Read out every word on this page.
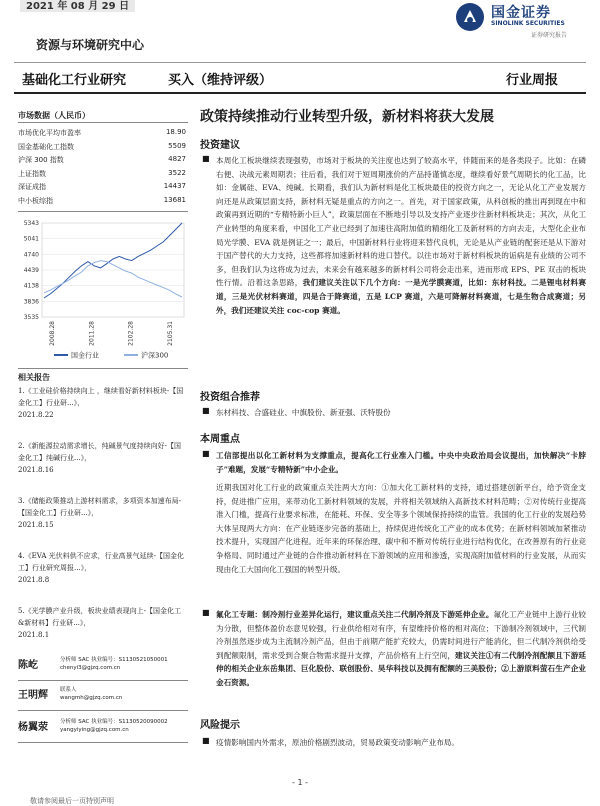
2021 年 08 月 29 日
资源与环境研究中心
国金证券
SINOLINK SECURITIES
证券研究报告
基础化工行业研究	买入（维持评级）	行业周报
政策持续推动行业转型升级，新材料将获大发展
市场数据（人民币）
市场优化平均市盈率	18.90
国金基础化工指数	5509
沪深 300 指数	4827
上证指数	3522
深证成指	14437
中小板综指	13681
3535
3836
4138
4439
4740
5041
5343
2008.28	2011.28	2102.28	2105.31
国金行业	沪深300
相关报告
1.《工业硅价格持续向上 ，继续看好新材料板块-【国金化工】行业研...》，
2021.8.22
2.《新能源拉动需求增长，纯碱景气度持续向好-【国金化工】纯碱行业...》，
2021.8.16
3.《储能政策推动上游材料需求，多项资本加速布局-【国金化工】行业研...》，
2021.8.15
4.《EVA 光伏料供不应求，行业高景气延续-【国金化工】行业研究周报...》，
2021.8.8
5.《光学膜产业升级，板块业绩表现向上-【国金化工&新材料】行业研...》，
2021.8.1
陈屹	分析师 SAC 执业编号：S1130521050001
chenyi3@gjzq.com.cn
王明辉 联系人
wangmh@gjzq.com.cn
杨翼荥 分析师 SAC 执业编号：S1130520090002
yangyiying@gjzq.com.cn
投资建议
■ 本周化工板块继续表现强势，市场对于板块的关注度也达到了较高水平，伴随而来的是各类段子。比如：在磷右便、决战元素周期表；往后看，我们对于短周期涨价的产品持谨慎态度，继续看好景气周期长的化工品，比如：金属硅、EVA、纯碱。长期看，我们认为新材料是化工板块最佳的投资方向之一，无论从化工产业发展方向还是从政策层面支持，新材料无疑是重点的方向之一。首先，对于国家政策，从科创板的推出再到现在中和政策再到近期的“专精特新小巨人”，政策层面在不断地引导以及支持产业逐步往新材料板块走；其次，从化工产业转型的角度来看，中国化工产业已经到了加速往高附加值的精细化工及新材料的方向去走，大型化企业布局光学膜、EVA 就是例证之一；最后，中国新材料行业将迎来替代良机，无论是从产业链的配套还是从下游对于国产替代的大力支持，这些都将加速新材料的进口替代。以往市场对于新材料板块的诟病是有业绩的公司不多，但我们认为这将成为过去，未来会有越来越多的新材料公司将会走出来，进而形成 EPS、PE 双击的板块性行情。沿着这条思路，我们建议关注以下几个方向：一是光学膜赛道，比如：东材科技。二是锂电材料赛道，三是光伏材料赛道，四是合于降赛道，五是 LCP 赛道，六是可降解材料赛道，七是生物合成赛道；另外，我们还建议关注 coc-cop 赛道。
投资组合推荐
■ 东材科技、合盛硅业、中旗股份、新亚强、沃特股份
本周重点
■ 工信部提出以化工新材料为支撑重点，提高化工行业准入门槛。中央中央政治局会议提出，加快解决“卡脖子”难题，发展“专精特新”中小企业。
近期我国对化工行业的政策重点关注两大方向：①加大化工新材料的支持，通过搭建创新平台，给予资金支持，促进推广应用，来带动化工新材料领域的发展，并将相关领域纳入高新技术材料范畴；②对传统行业提高准入门槛，提高行业要求标准，在能耗、环保、安全等多个领域保持持续的监管。我国的化工行业的发展趋势大体呈现两大方向：在产业链逐步完备的基础上，持续促进传统化工产业的成本优势；在新材料领域加紧推动技术提升，实现国产化进程。近年来的环保治理、碳中和不断对传统行业进行结构优化，在改善原有的行业竞争格局、同时通过产业链的合作推动新材料在下游领域的应用和渗透，实现高附加值材料的行业发展，从而实现由化工大国向化工强国的转型升级。
■ 氟化工专题：制冷剂行业差异化运行，建议重点关注二代制冷剂及下游延伸企业。氟化工产业链中上游行业较为分散，但整体盈价态意见较强，行业供给相对有序，有望维持价格的相对高位；下游制冷剂领域中，三代制冷剂虽然逐步成为主流制冷剂产品，但由于前期产能扩充较大，仍需时间进行产能消化，但二代制冷剂供给受到配额限制，需求受到合聚合物需求提升支撑，产品价格有上行空间，建议关注①有二代制冷剂配额且下游延伸的相关企业东岳集团、巨化股份、联创股份、昊华科技以及拥有配额的三美股份；②上游原料萤石生产企业金石资源。
风险提示
■ 疫情影响国内外需求，原油价格剧烈波动，贸易政策变动影响产业布局。
- 1 -
敬请参阅最后一页特别声明
